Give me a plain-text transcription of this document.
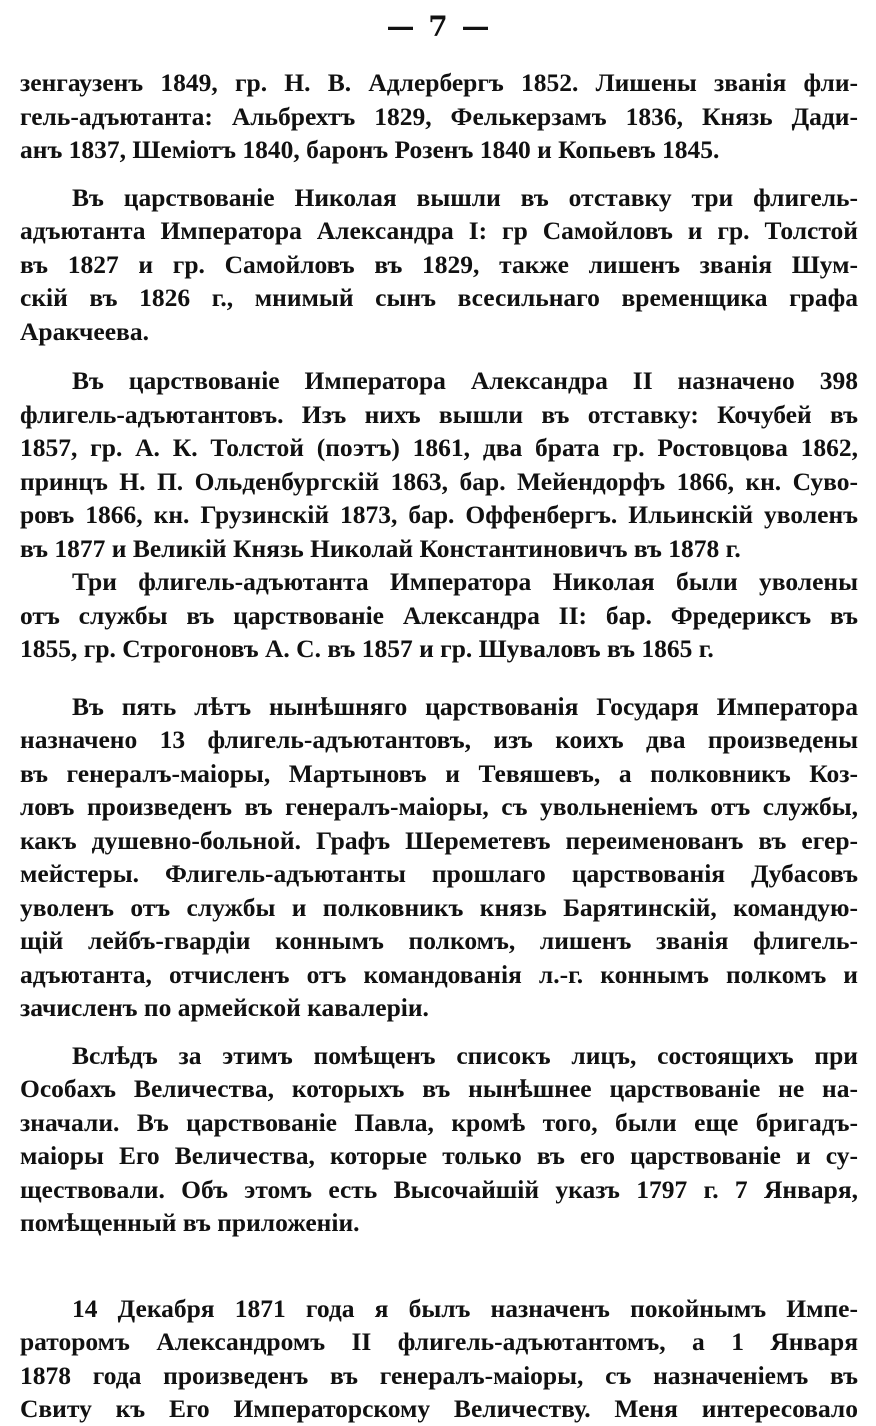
— 7 —
зенгаузенъ 1849, гр. Н. В. Адлербергъ 1852. Лишены званія фли-
гель-адъютанта: Альбрехтъ 1829, Фелькерзамъ 1836, Князь Дади-
анъ 1837, Шеміотъ 1840, баронъ Розенъ 1840 и Копьевъ 1845.
Въ царствованіе Николая вышли въ отставку три флигель-
адъютанта Императора Александра I: гр Самойловъ и гр. Толстой
въ 1827 и гр. Самойловъ въ 1829, также лишенъ званія Шум-
скій въ 1826 г., мнимый сынъ всесильнаго временщика графа
Аракчеева.
Въ царствованіе Императора Александра II назначено 398
флигель-адъютантовъ. Изъ нихъ вышли въ отставку: Кочубей въ
1857, гр. А. К. Толстой (поэтъ) 1861, два брата гр. Ростовцова 1862,
принцъ Н. П. Ольденбургскій 1863, бар. Мейендорфъ 1866, кн. Суво-
ровъ 1866, кн. Грузинскій 1873, бар. Оффенбергъ. Ильинскій уволенъ
въ 1877 и Великій Князь Николай Константиновичъ въ 1878 г.
Три флигель-адъютанта Императора Николая были уволены
отъ службы въ царствованіе Александра II: бар. Фредериксъ въ
1855, гр. Строгоновъ А. С. въ 1857 и гр. Шуваловъ въ 1865 г.
Въ пять лѣтъ нынѣшняго царствованія Государя Императора
назначено 13 флигель-адъютантовъ, изъ коихъ два произведены
въ генералъ-маіоры, Мартыновъ и Тевяшевъ, а полковникъ Коз-
ловъ произведенъ въ генералъ-маіоры, съ увольненіемъ отъ службы,
какъ душевно-больной. Графъ Шереметевъ переименованъ въ егер-
мейстеры. Флигель-адъютанты прошлаго царствованія Дубасовъ
уволенъ отъ службы и полковникъ князь Барятинскій, командую-
щій лейбъ-гвардіи коннымъ полкомъ, лишенъ званія флигель-
адъютанта, отчисленъ отъ командованія л.-г. коннымъ полкомъ и
зачисленъ по армейской кавалеріи.
Вслѣдъ за этимъ помѣщенъ списокъ лицъ, состоящихъ при
Особахъ Величества, которыхъ въ нынѣшнее царствованіе не на-
значали. Въ царствованіе Павла, кромѣ того, были еще бригадъ-
маіоры Его Величества, которые только въ его царствованіе и су-
ществовали. Объ этомъ есть Высочайшій указъ 1797 г. 7 Января,
помѣщенный въ приложеніи.
14 Декабря 1871 года я былъ назначенъ покойнымъ Импе-
раторомъ Александромъ II флигель-адъютантомъ, а 1 Января
1878 года произведенъ въ генералъ-маіоры, съ назначеніемъ въ
Свиту къ Его Императорскому Величеству. Меня интересовало
